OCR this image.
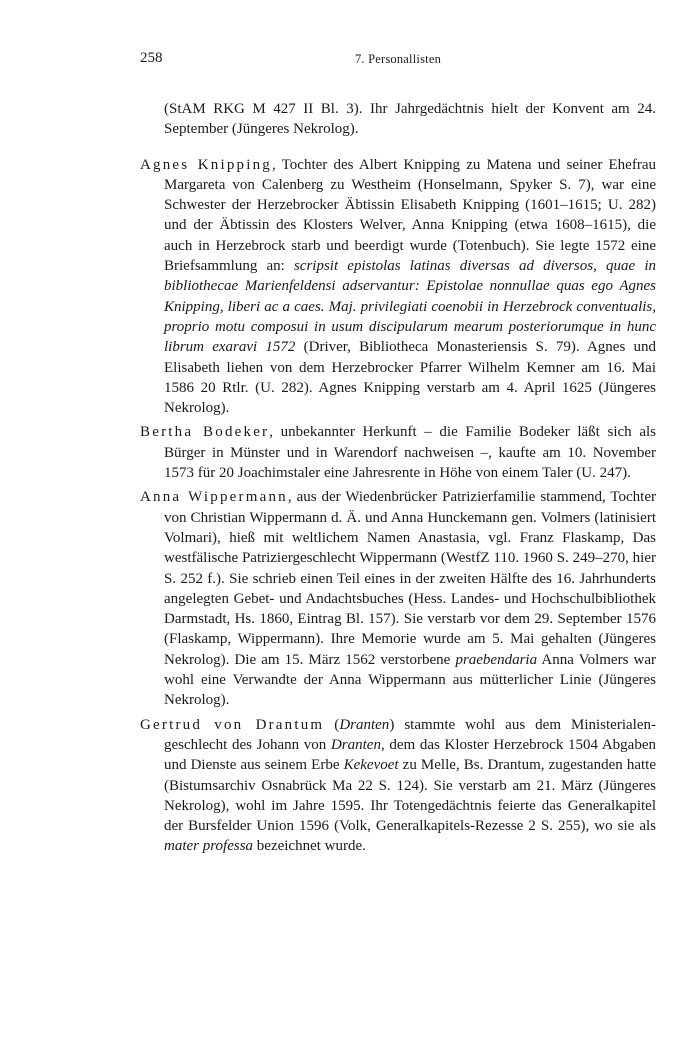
258	7. Personallisten

(StAM RKG M 427 II Bl. 3). Ihr Jahrgedächtnis hielt der Konvent am 24. September (Jüngeres Nekrolog).

Agnes Knipping, Tochter des Albert Knipping zu Matena und seiner Ehefrau Margareta von Calenberg zu Westheim (Honselmann, Spyker S. 7), war eine Schwester der Herzebrocker Äbtissin Elisabeth Knipping (1601–1615; U. 282) und der Äbtissin des Klosters Welver, Anna Knipping (etwa 1608–1615), die auch in Herzebrock starb und beerdigt wurde (Totenbuch). Sie legte 1572 eine Briefsammlung an: scripsit epistolas latinas diversas ad diversos, quae in bibliothecae Marienfeldensi adservantur: Epistolae nonnullae quas ego Agnes Knipping, liberi ac a caes. Maj. privilegiati coenobii in Herzebrock conventualis, proprio motu composui in usum discipularum mearum posteriorumque in hunc librum exaravi 1572 (Driver, Bibliotheca Monasteriensis S. 79). Agnes und Elisabeth liehen von dem Herzebrocker Pfarrer Wilhelm Kemner am 16. Mai 1586 20 Rtlr. (U. 282). Agnes Knipping verstarb am 4. April 1625 (Jüngeres Nekrolog).

Bertha Bodeker, unbekannter Herkunft – die Familie Bodeker läßt sich als Bürger in Münster und in Warendorf nachweisen –, kaufte am 10. November 1573 für 20 Joachimstaler eine Jahresrente in Höhe von einem Taler (U. 247).

Anna Wippermann, aus der Wiedenbrücker Patrizierfamilie stammend, Tochter von Christian Wippermann d. Ä. und Anna Hunckemann gen. Volmers (latinisiert Volmari), hieß mit weltlichem Namen Anastasia, vgl. Franz Flaskamp, Das westfälische Patriziergeschlecht Wippermann (WestfZ 110. 1960 S. 249–270, hier S. 252 f.). Sie schrieb einen Teil eines in der zweiten Hälfte des 16. Jahrhunderts angelegten Gebet- und Andachtsbuches (Hess. Landes- und Hochschulbibliothek Darmstadt, Hs. 1860, Eintrag Bl. 157). Sie verstarb vor dem 29. September 1576 (Flaskamp, Wippermann). Ihre Memorie wurde am 5. Mai gehalten (Jüngeres Nekrolog). Die am 15. März 1562 verstorbene praebendaria Anna Volmers war wohl eine Verwandte der Anna Wippermann aus mütterlicher Linie (Jüngeres Nekrolog).

Gertrud von Drantum (Dranten) stammte wohl aus dem Ministerialengeschlecht des Johann von Dranten, dem das Kloster Herzebrock 1504 Abgaben und Dienste aus seinem Erbe Kekevoet zu Melle, Bs. Drantum, zugestanden hatte (Bistumsarchiv Osnabrück Ma 22 S. 124). Sie verstarb am 21. März (Jüngeres Nekrolog), wohl im Jahre 1595. Ihr Totengedächtnis feierte das Generalkapitel der Bursfelder Union 1596 (Volk, Generalkapitels-Rezesse 2 S. 255), wo sie als mater professa bezeichnet wurde.
